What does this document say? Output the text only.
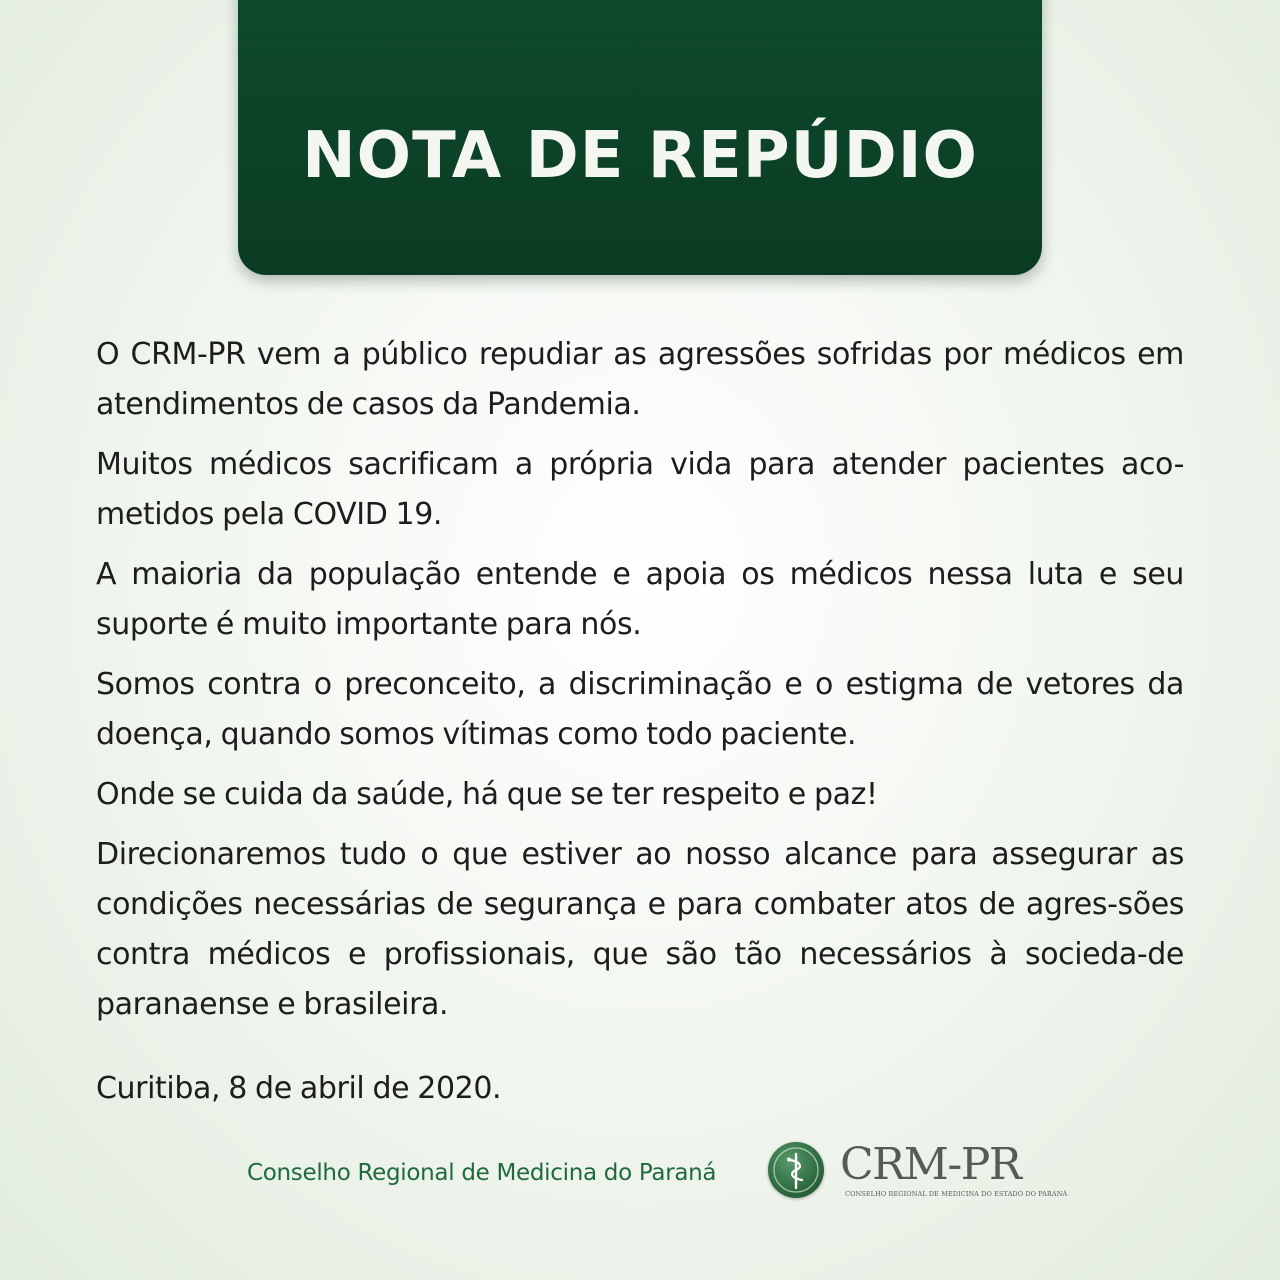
NOTA DE REPÚDIO

O CRM-PR vem a público repudiar as agressões sofridas por médicos em atendimentos de casos da Pandemia.

Muitos médicos sacrificam a própria vida para atender pacientes aco-metidos pela COVID 19.

A maioria da população entende e apoia os médicos nessa luta e seu suporte é muito importante para nós.

Somos contra o preconceito, a discriminação e o estigma de vetores da doença, quando somos vítimas como todo paciente.

Onde se cuida da saúde, há que se ter respeito e paz!

Direcionaremos tudo o que estiver ao nosso alcance para assegurar as condições necessárias de segurança e para combater atos de agres-sões contra médicos e profissionais, que são tão necessários à socieda-de paranaense e brasileira.

Curitiba, 8 de abril de 2020.

Conselho Regional de Medicina do Paraná	CRM-PR
CONSELHO REGIONAL DE MEDICINA DO ESTADO DO PARANÁ
